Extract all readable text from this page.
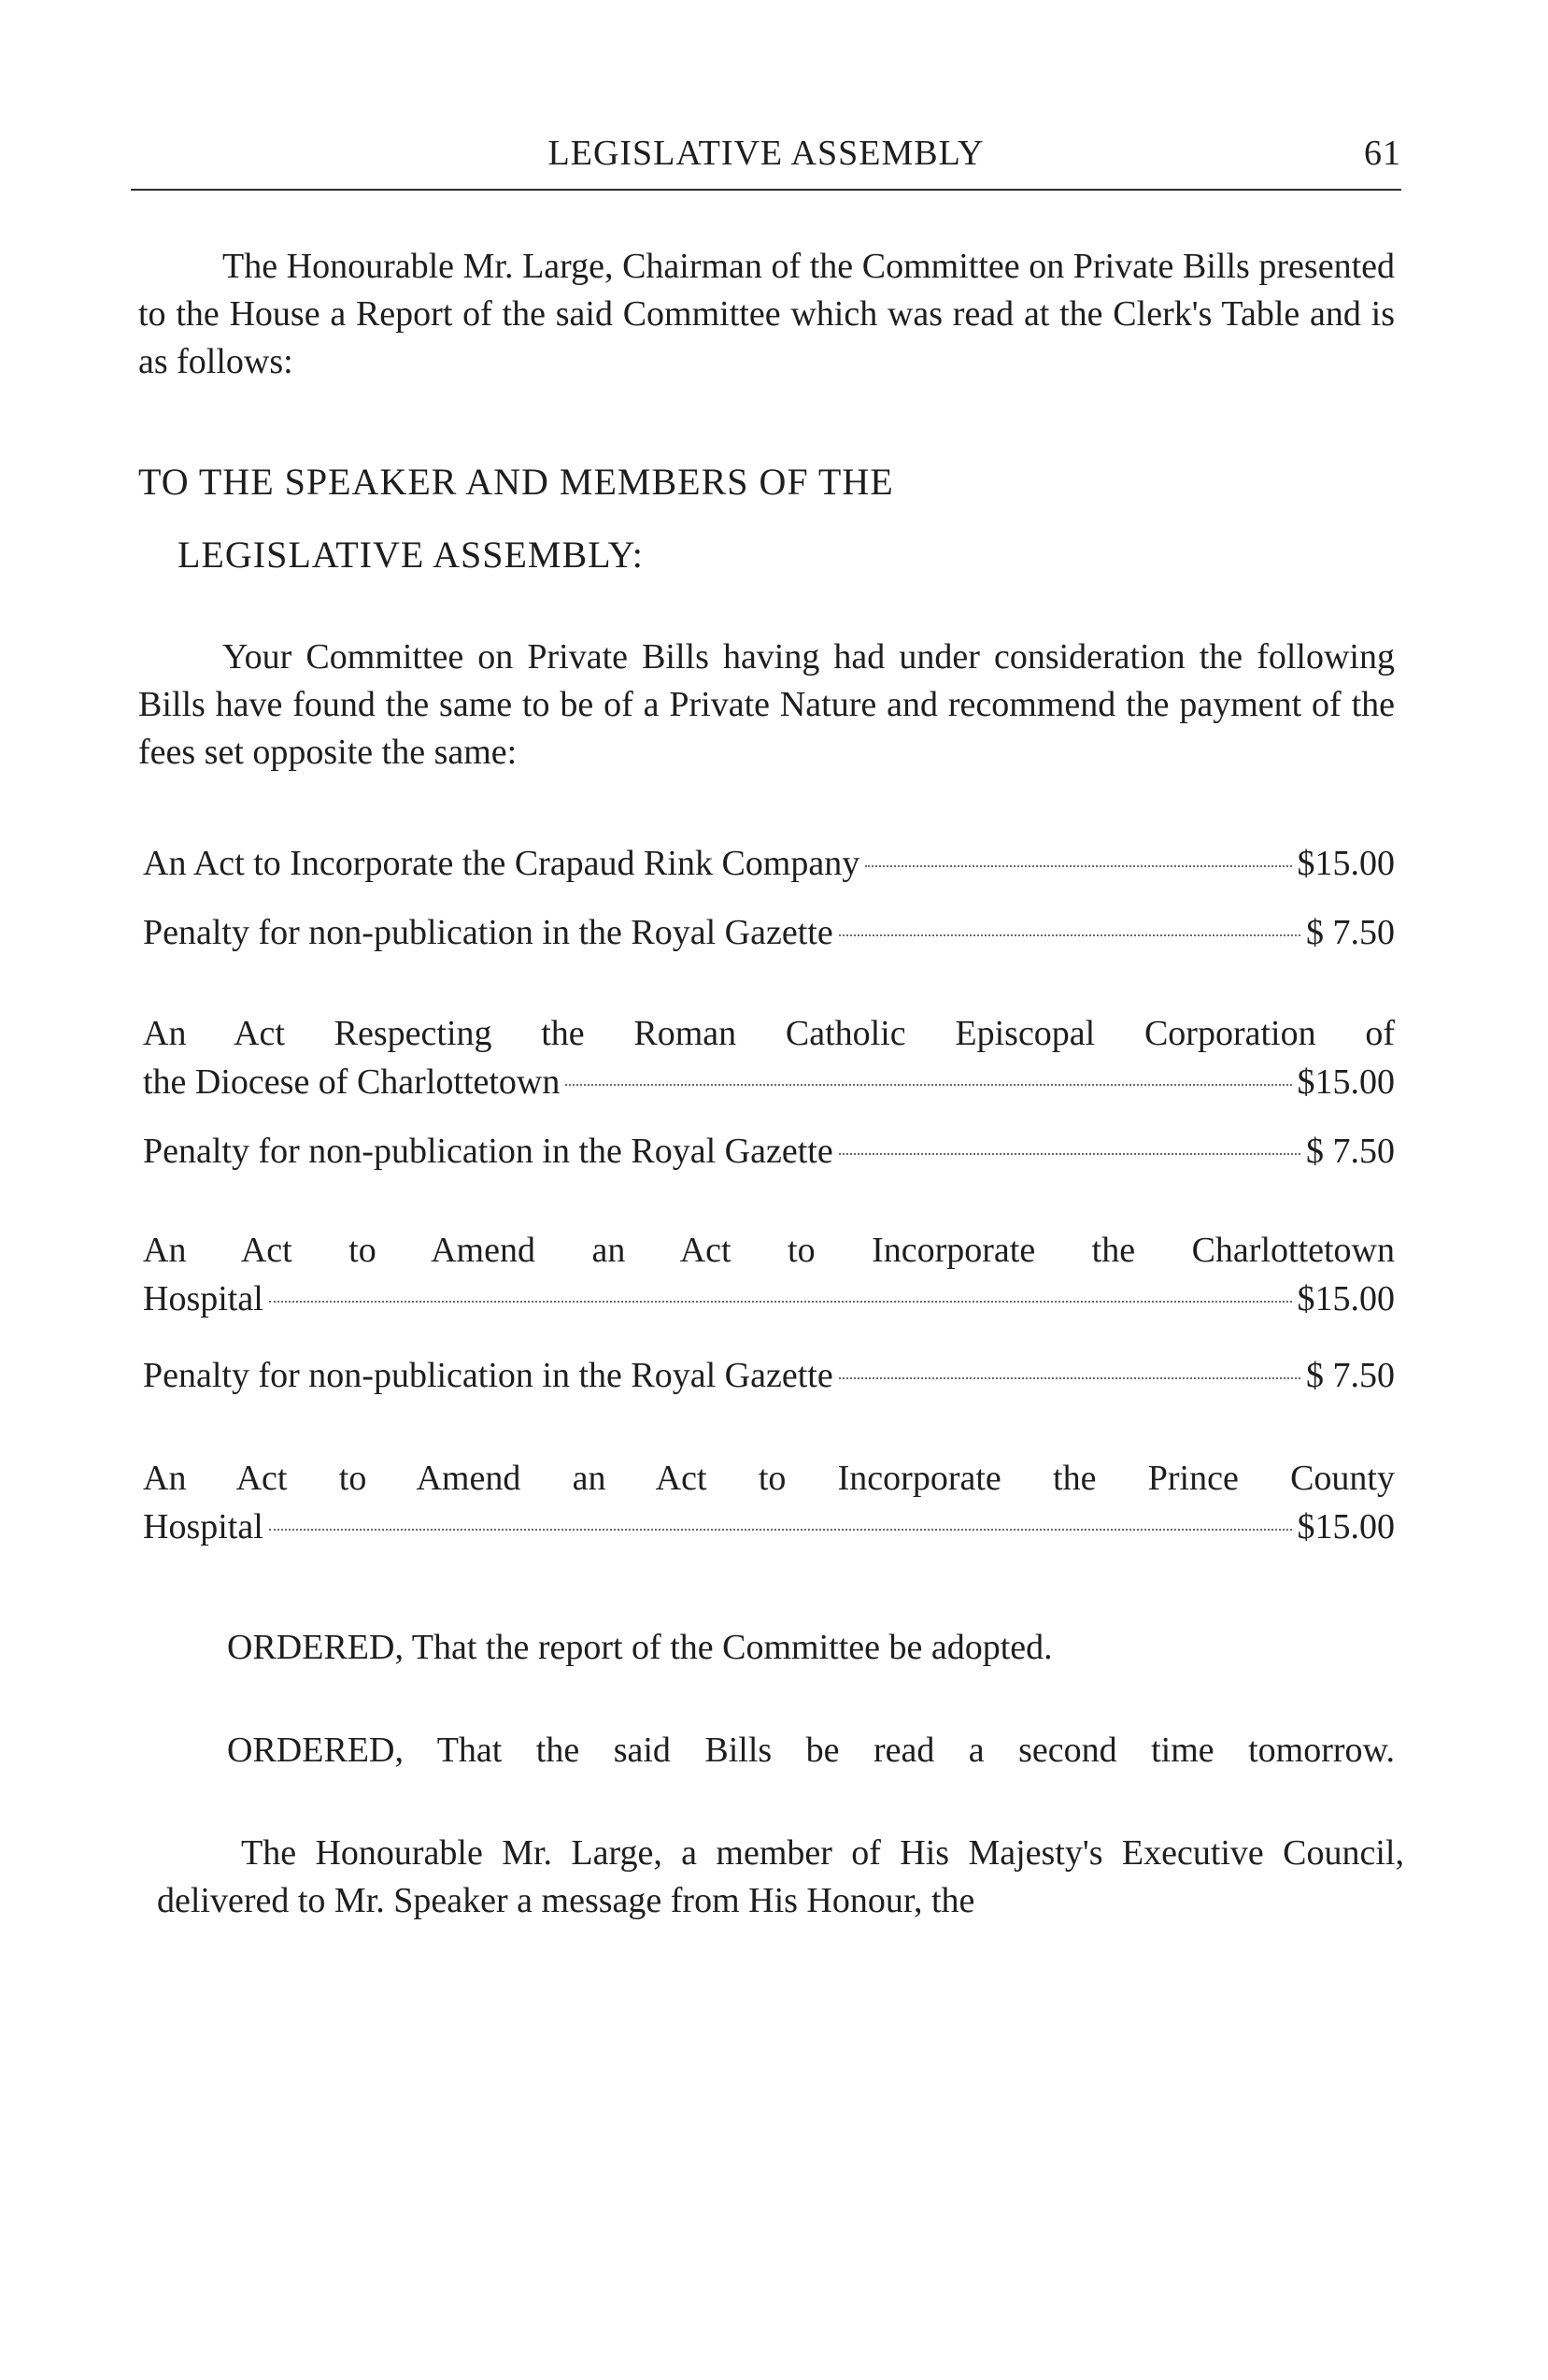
LEGISLATIVE ASSEMBLY	61
The Honourable Mr. Large, Chairman of the Committee on Private Bills presented to the House a Report of the said Committee which was read at the Clerk's Table and is as follows:
TO THE SPEAKER AND MEMBERS OF THE
LEGISLATIVE ASSEMBLY:
Your Committee on Private Bills having had under consideration the following Bills have found the same to be of a Private Nature and recommend the payment of the fees set opposite the same:
An Act to Incorporate the Crapaud Rink Company	$15.00
Penalty for non-publication in the Royal Gazette	$ 7.50
An Act Respecting the Roman Catholic Episcopal Corporation of
the Diocese of Charlottetown	$15.00
Penalty for non-publication in the Royal Gazette	$ 7.50
An Act to Amend an Act to Incorporate the Charlottetown
Hospital	$15.00
Penalty for non-publication in the Royal Gazette	$ 7.50
An Act to Amend an Act to Incorporate the Prince County
Hospital	$15.00
ORDERED, That the report of the Committee be adopted.
ORDERED, That the said Bills be read a second time tomorrow.
The Honourable Mr. Large, a member of His Majesty's Executive Council, delivered to Mr. Speaker a message from His Honour, the
